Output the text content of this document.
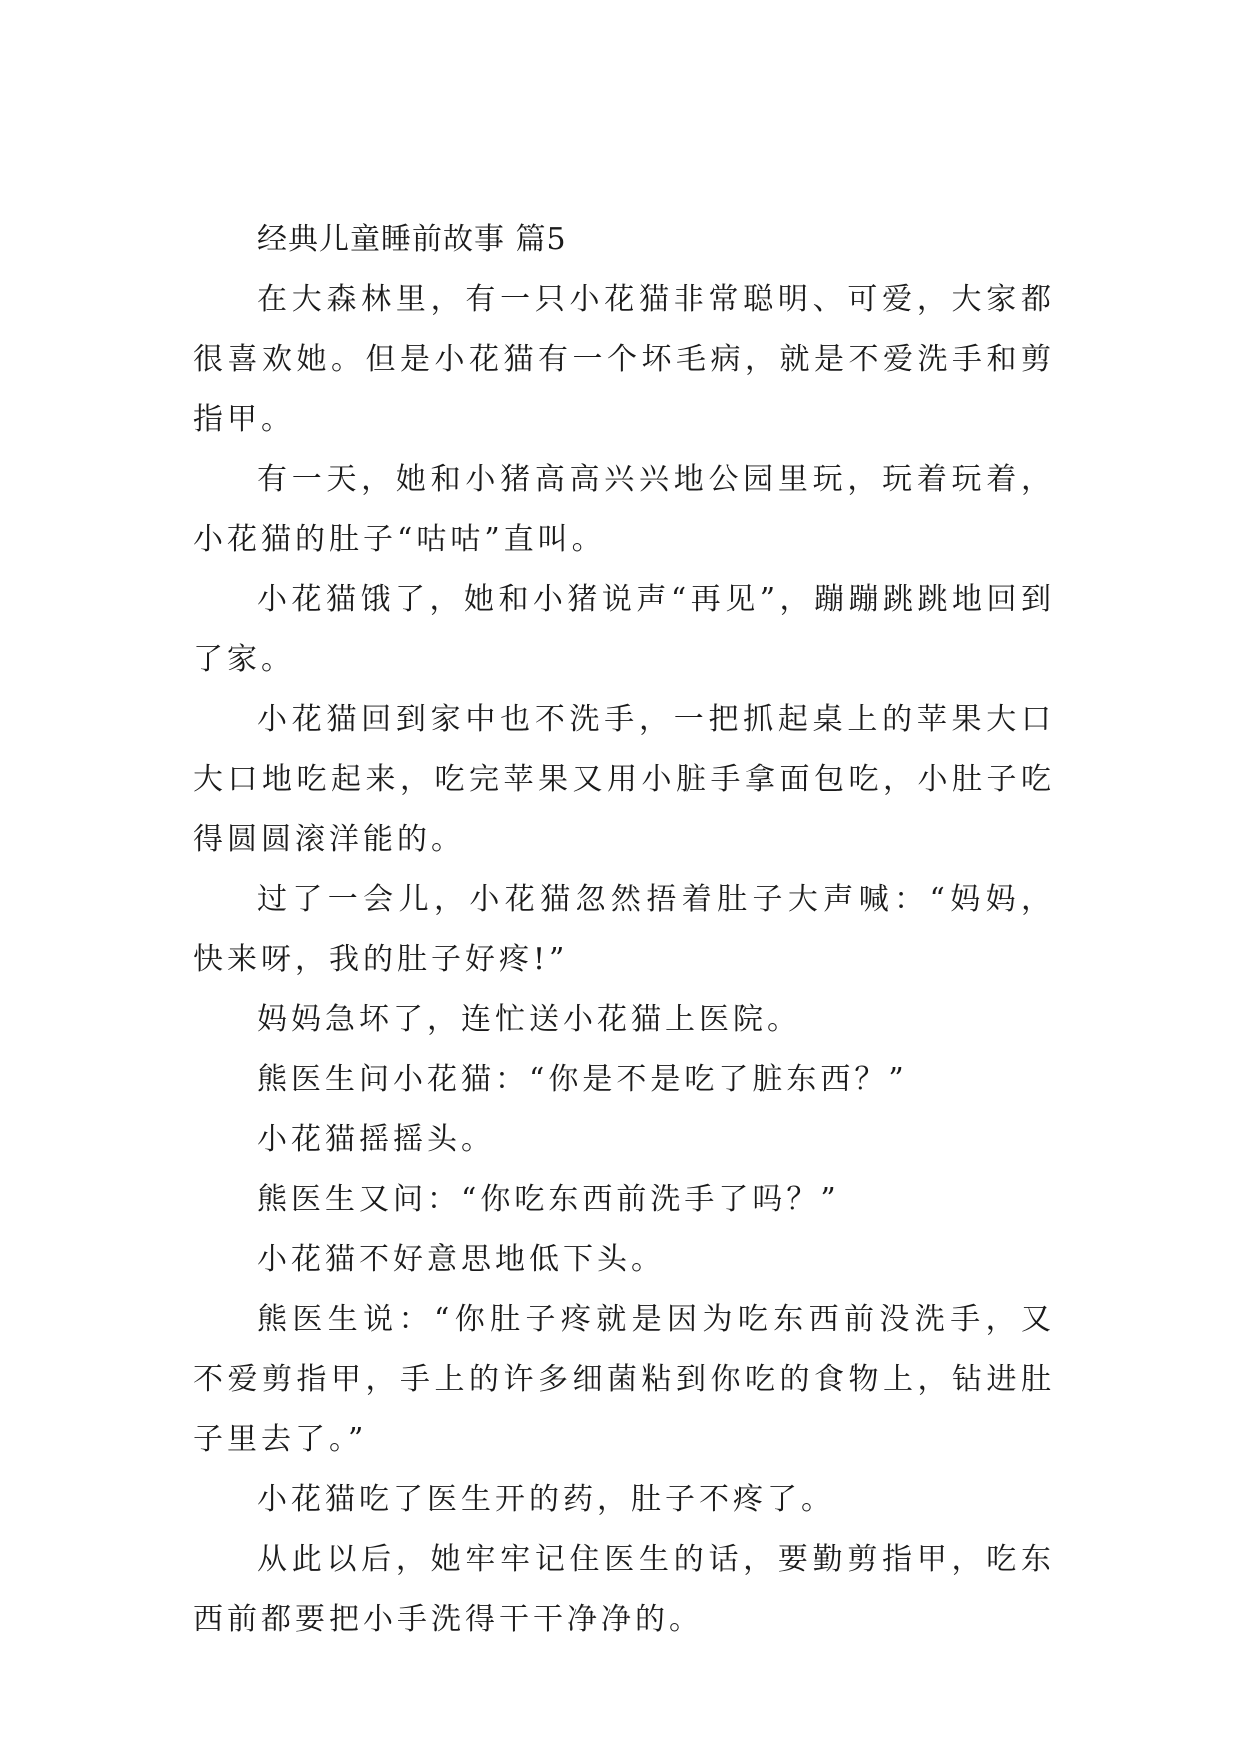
经典儿童睡前故事 篇5

在大森林里，有一只小花猫非常聪明、可爱，大家都很喜欢她。但是小花猫有一个坏毛病，就是不爱洗手和剪指甲。

有一天，她和小猪高高兴兴地公园里玩，玩着玩着，小花猫的肚子“咕咕”直叫。

小花猫饿了，她和小猪说声“再见”，蹦蹦跳跳地回到了家。

小花猫回到家中也不洗手，一把抓起桌上的苹果大口大口地吃起来，吃完苹果又用小脏手拿面包吃，小肚子吃得圆圆滚洋能的。

过了一会儿，小花猫忽然捂着肚子大声喊：“妈妈，快来呀，我的肚子好疼!”

妈妈急坏了，连忙送小花猫上医院。

熊医生问小花猫：“你是不是吃了脏东西？”

小花猫摇摇头。

熊医生又问：“你吃东西前洗手了吗？”

小花猫不好意思地低下头。

熊医生说：“你肚子疼就是因为吃东西前没洗手，又不爱剪指甲，手上的许多细菌粘到你吃的食物上，钻进肚子里去了。”

小花猫吃了医生开的药，肚子不疼了。

从此以后，她牢牢记住医生的话，要勤剪指甲，吃东西前都要把小手洗得干干净净的。
